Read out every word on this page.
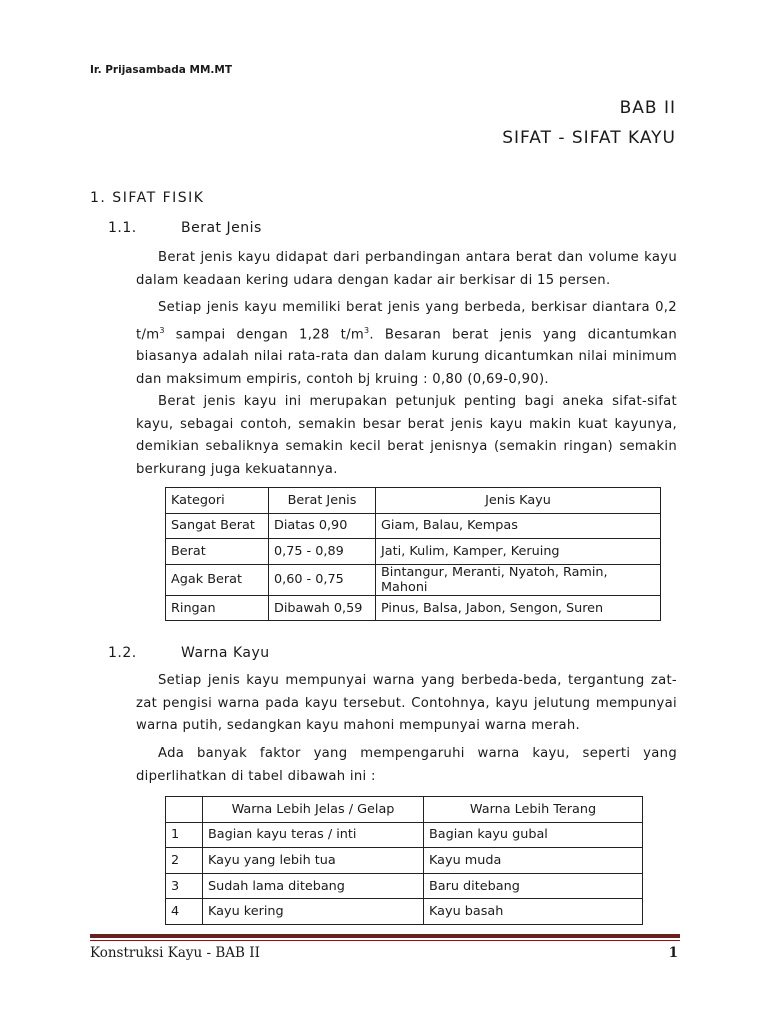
Ir. Prijasambada MM.MT
BAB II
SIFAT - SIFAT KAYU
1. SIFAT FISIK
1.1.	Berat Jenis
Berat jenis kayu didapat dari perbandingan antara berat dan volume kayu dalam keadaan kering udara dengan kadar air berkisar di 15 persen.
Setiap jenis kayu memiliki berat jenis yang berbeda, berkisar diantara 0,2 $t/m^3$ sampai dengan 1,28 $t/m^3$. Besaran berat jenis yang dicantumkan biasanya adalah nilai rata-rata dan dalam kurung dicantumkan nilai minimum dan maksimum empiris, contoh bj kruing : 0,80 (0,69-0,90).
Berat jenis kayu ini merupakan petunjuk penting bagi aneka sifat-sifat kayu, sebagai contoh, semakin besar berat jenis kayu makin kuat kayunya, demikian sebaliknya semakin kecil berat jenisnya (semakin ringan) semakin berkurang juga kekuatannya.
Kategori	Berat Jenis	Jenis Kayu
Sangat Berat	Diatas 0,90	Giam, Balau, Kempas
Berat	0,75 - 0,89	Jati, Kulim, Kamper, Keruing
Agak Berat	0,60 - 0,75	Bintangur, Meranti, Nyatoh, Ramin, Mahoni
Ringan	Dibawah 0,59	Pinus, Balsa, Jabon, Sengon, Suren
1.2.	Warna Kayu
Setiap jenis kayu mempunyai warna yang berbeda-beda, tergantung zat-zat pengisi warna pada kayu tersebut. Contohnya, kayu jelutung mempunyai warna putih, sedangkan kayu mahoni mempunyai warna merah.
Ada banyak faktor yang mempengaruhi warna kayu, seperti yang diperlihatkan di tabel dibawah ini :
	Warna Lebih Jelas / Gelap	Warna Lebih Terang
1	Bagian kayu teras / inti	Bagian kayu gubal
2	Kayu yang lebih tua	Kayu muda
3	Sudah lama ditebang	Baru ditebang
4	Kayu kering	Kayu basah
Konstruksi Kayu - BAB II	1
